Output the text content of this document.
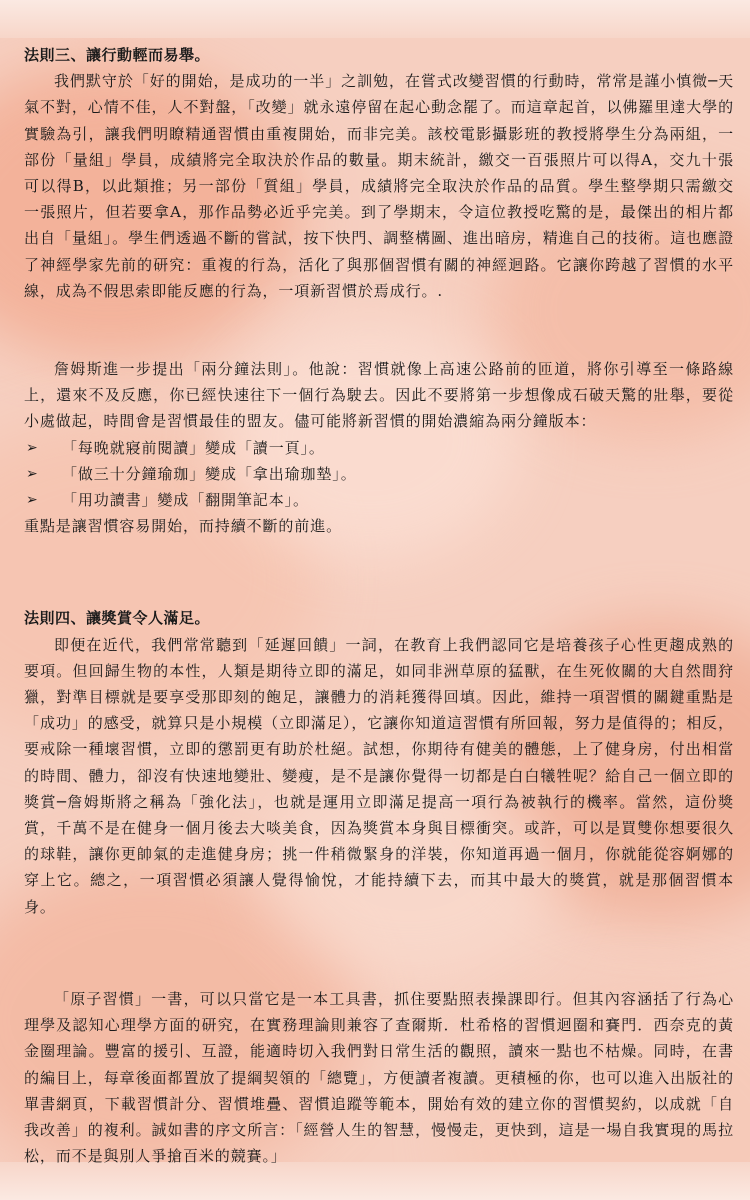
法則三、讓行動輕而易舉。
我們默守於「好的開始，是成功的一半」之訓勉，在嘗式改變習慣的行動時，常常是謹小慎微─天氣不對，心情不佳，人不對盤，「改變」就永遠停留在起心動念罷了。而這章起首，以佛羅里達大學的實驗為引，讓我們明瞭精通習慣由重複開始，而非完美。該校電影攝影班的教授將學生分為兩組，一部份「量組」學員，成績將完全取決於作品的數量。期末統計，繳交一百張照片可以得A，交九十張可以得B，以此類推；另一部份「質組」學員，成績將完全取決於作品的品質。學生整學期只需繳交一張照片，但若要拿A，那作品勢必近乎完美。到了學期末，令這位教授吃驚的是，最傑出的相片都出自「量組」。學生們透過不斷的嘗試，按下快門、調整構圖、進出暗房，精進自己的技術。這也應證了神經學家先前的研究：重複的行為，活化了與那個習慣有關的神經迴路。它讓你跨越了習慣的水平線，成為不假思索即能反應的行為，一項新習慣於焉成行。.
詹姆斯進一步提出「兩分鐘法則」。他說：習慣就像上高速公路前的匝道，將你引導至一條路線上，還來不及反應，你已經快速往下一個行為駛去。因此不要將第一步想像成石破天驚的壯舉，要從小處做起，時間會是習慣最佳的盟友。儘可能將新習慣的開始濃縮為兩分鐘版本：
➢	「每晚就寢前閱讀」變成「讀一頁」。
➢	「做三十分鐘瑜珈」變成「拿出瑜珈墊」。
➢	「用功讀書」變成「翻開筆記本」。
重點是讓習慣容易開始，而持續不斷的前進。
法則四、讓獎賞令人滿足。
即便在近代，我們常常聽到「延遲回饋」一詞，在教育上我們認同它是培養孩子心性更趨成熟的要項。但回歸生物的本性，人類是期待立即的滿足，如同非洲草原的猛獸，在生死攸關的大自然間狩獵，對準目標就是要享受那即刻的飽足，讓體力的消耗獲得回填。因此，維持一項習慣的關鍵重點是「成功」的感受，就算只是小規模（立即滿足），它讓你知道這習慣有所回報，努力是值得的；相反，要戒除一種壞習慣，立即的懲罰更有助於杜絕。試想，你期待有健美的體態，上了健身房，付出相當的時間、體力，卻沒有快速地變壯、變瘦，是不是讓你覺得一切都是白白犧牲呢？給自己一個立即的獎賞─詹姆斯將之稱為「強化法」，也就是運用立即滿足提高一項行為被執行的機率。當然，這份獎賞，千萬不是在健身一個月後去大啖美食，因為獎賞本身與目標衝突。或許，可以是買雙你想要很久的球鞋，讓你更帥氣的走進健身房；挑一件稍微緊身的洋裝，你知道再過一個月，你就能從容婀娜的穿上它。總之，一項習慣必須讓人覺得愉悅，才能持續下去，而其中最大的獎賞，就是那個習慣本身。
「原子習慣」一書，可以只當它是一本工具書，抓住要點照表操課即行。但其內容涵括了行為心理學及認知心理學方面的研究，在實務理論則兼容了查爾斯．杜希格的習慣迴圈和賽門．西奈克的黃金圈理論。豐富的援引、互證，能適時切入我們對日常生活的觀照，讀來一點也不枯燥。同時，在書的編目上，每章後面都置放了提綱契領的「總覽」，方便讀者複讀。更積極的你，也可以進入出版社的單書網頁，下載習慣計分、習慣堆疊、習慣追蹤等範本，開始有效的建立你的習慣契約，以成就「自我改善」的複利。誠如書的序文所言：「經營人生的智慧，慢慢走，更快到，這是一場自我實現的馬拉松，而不是與別人爭搶百米的競賽。」
